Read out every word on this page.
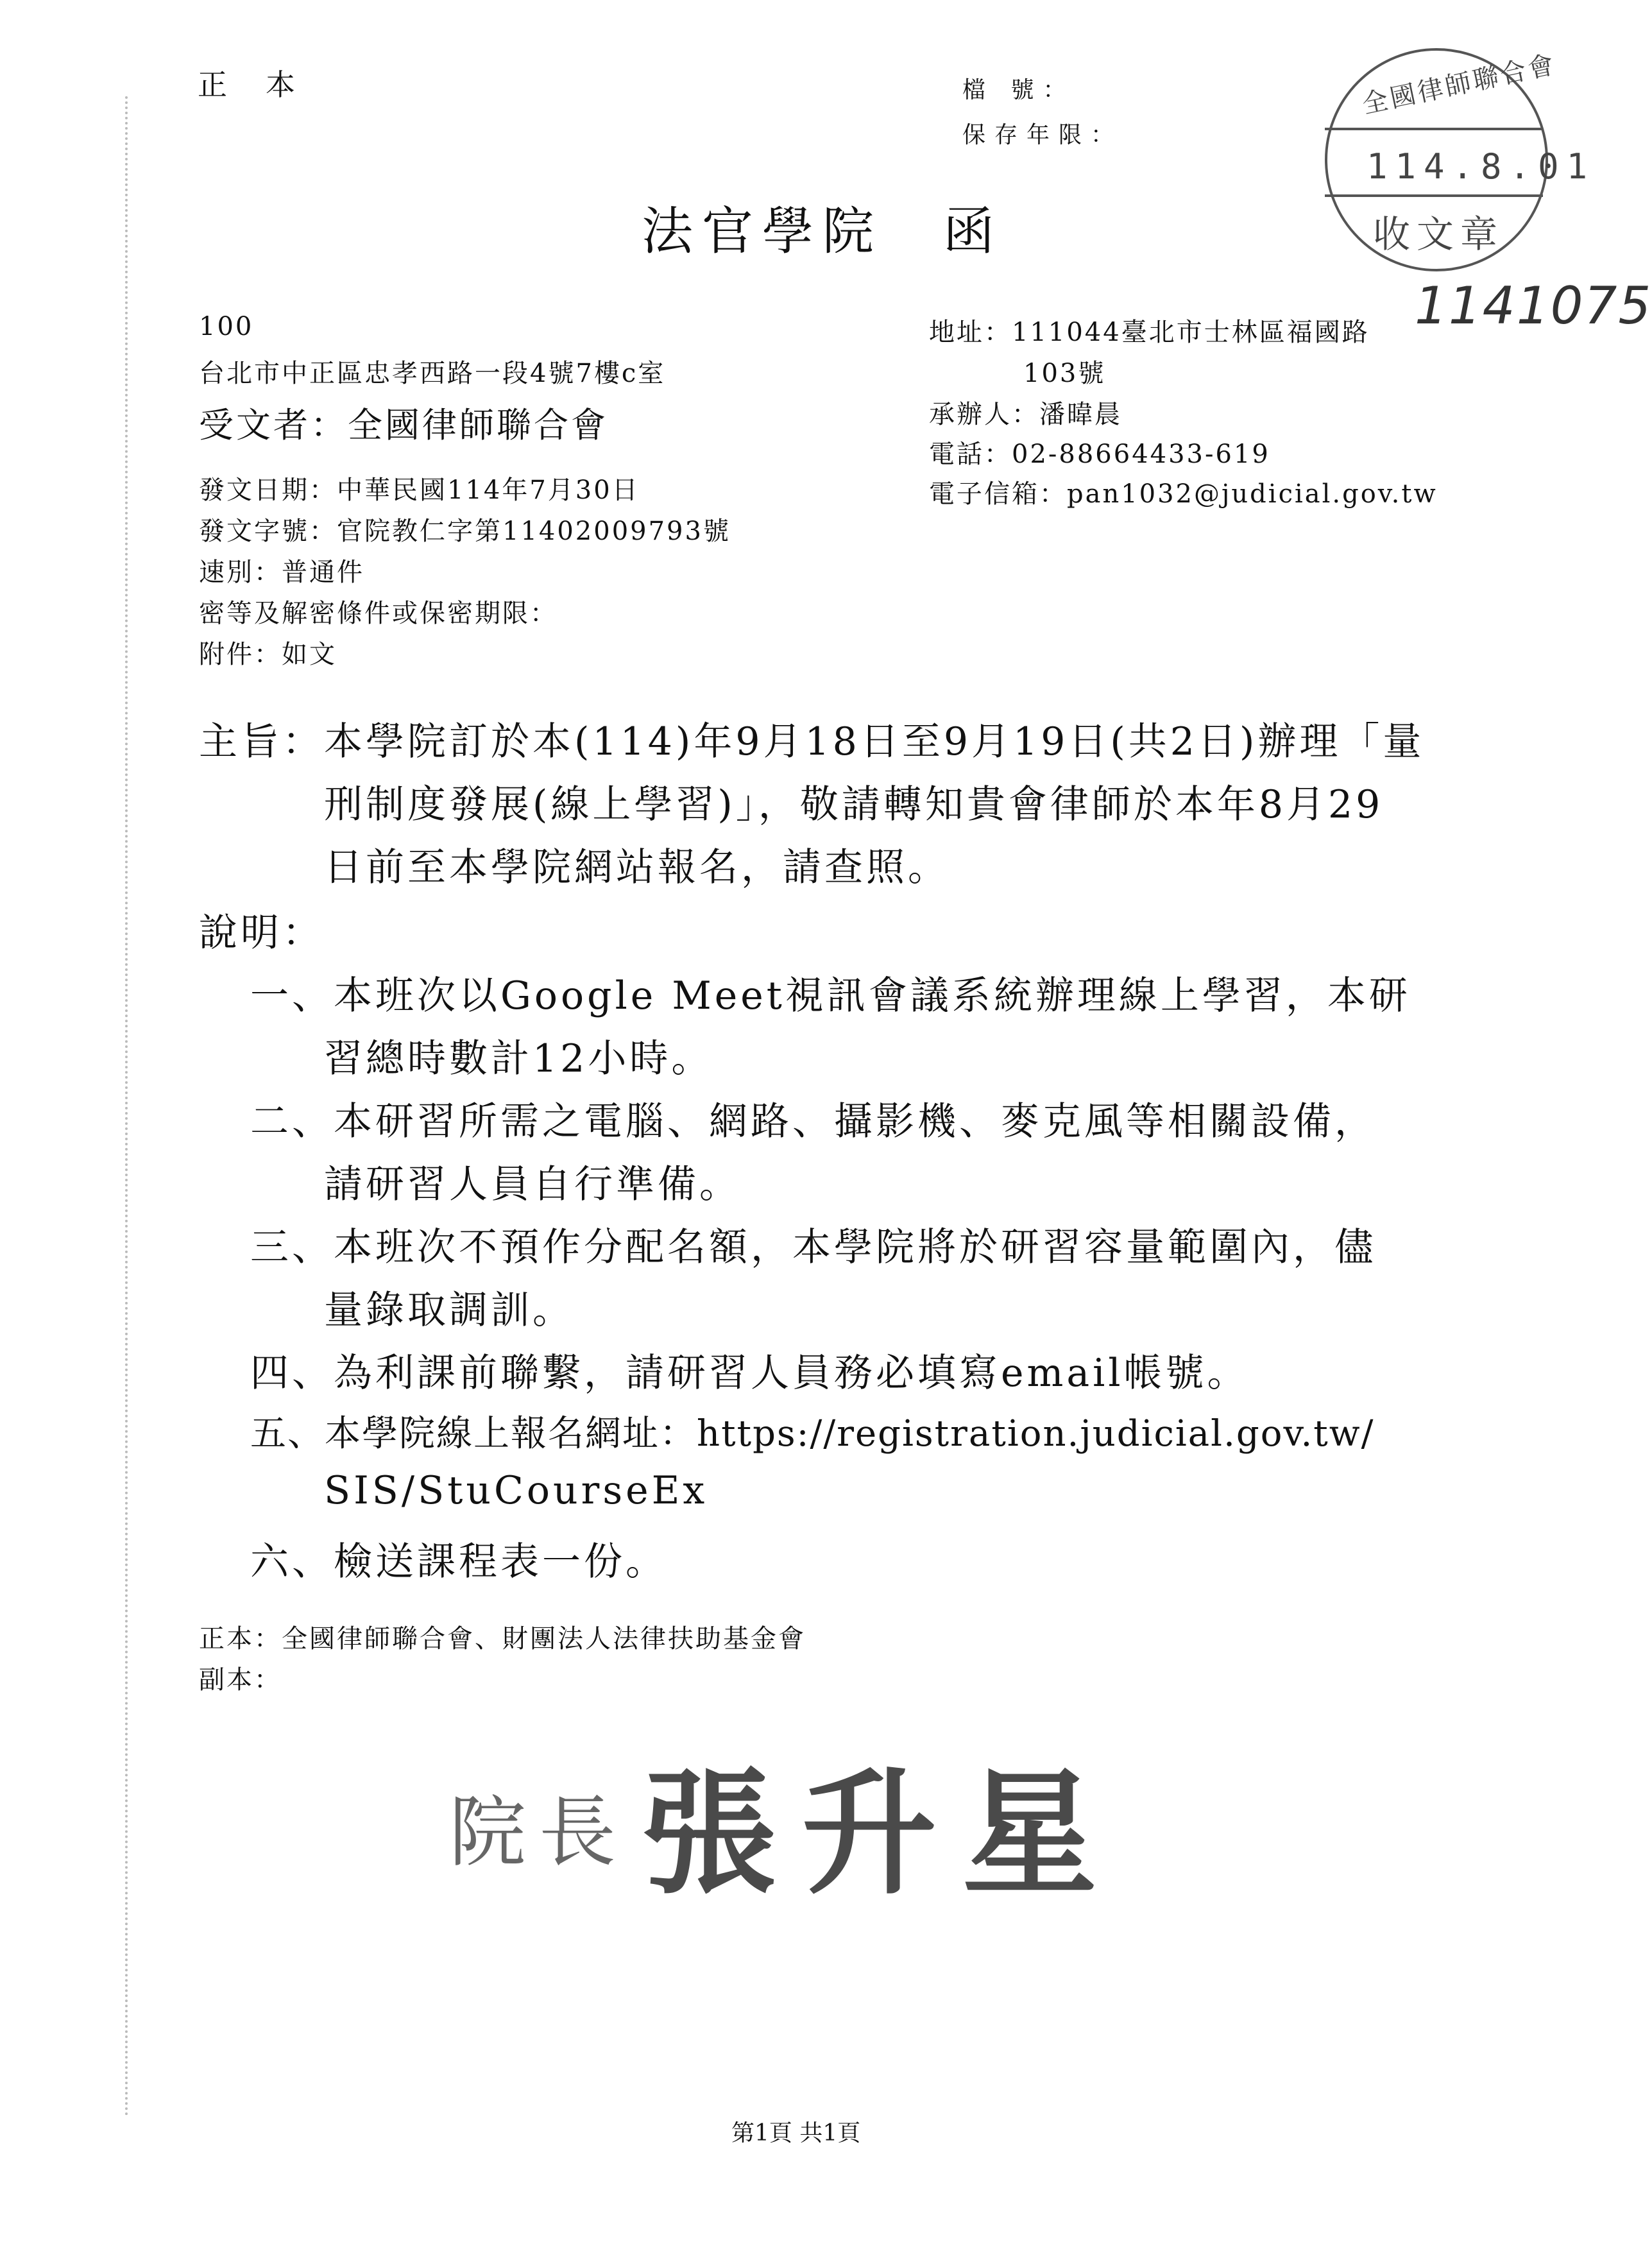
正本	檔 號：
保存年限：
全國律師聯合會
114.8.01
收文章
1141075
法官學院　函
100
台北市中正區忠孝西路一段4號7樓c室
受文者：全國律師聯合會
地址：111044臺北市士林區福國路
103號
承辦人：潘暐晨
電話：02-88664433-619
電子信箱：pan1032@judicial.gov.tw
發文日期：中華民國114年7月30日
發文字號：官院教仁字第11402009793號
速別：普通件
密等及解密條件或保密期限：
附件：如文
主旨：本學院訂於本(114)年9月18日至9月19日(共2日)辦理「量
刑制度發展(線上學習)」，敬請轉知貴會律師於本年8月29
日前至本學院網站報名，請查照。
說明：
一、本班次以Google Meet視訊會議系統辦理線上學習，本研
習總時數計12小時。
二、本研習所需之電腦、網路、攝影機、麥克風等相關設備，
請研習人員自行準備。
三、本班次不預作分配名額，本學院將於研習容量範圍內，儘
量錄取調訓。
四、為利課前聯繫，請研習人員務必填寫email帳號。
五、本學院線上報名網址：https://registration.judicial.gov.tw/
SIS/StuCourseEx
六、檢送課程表一份。
正本：全國律師聯合會、財團法人法律扶助基金會
副本：
院長 張升星
第1頁 共1頁
